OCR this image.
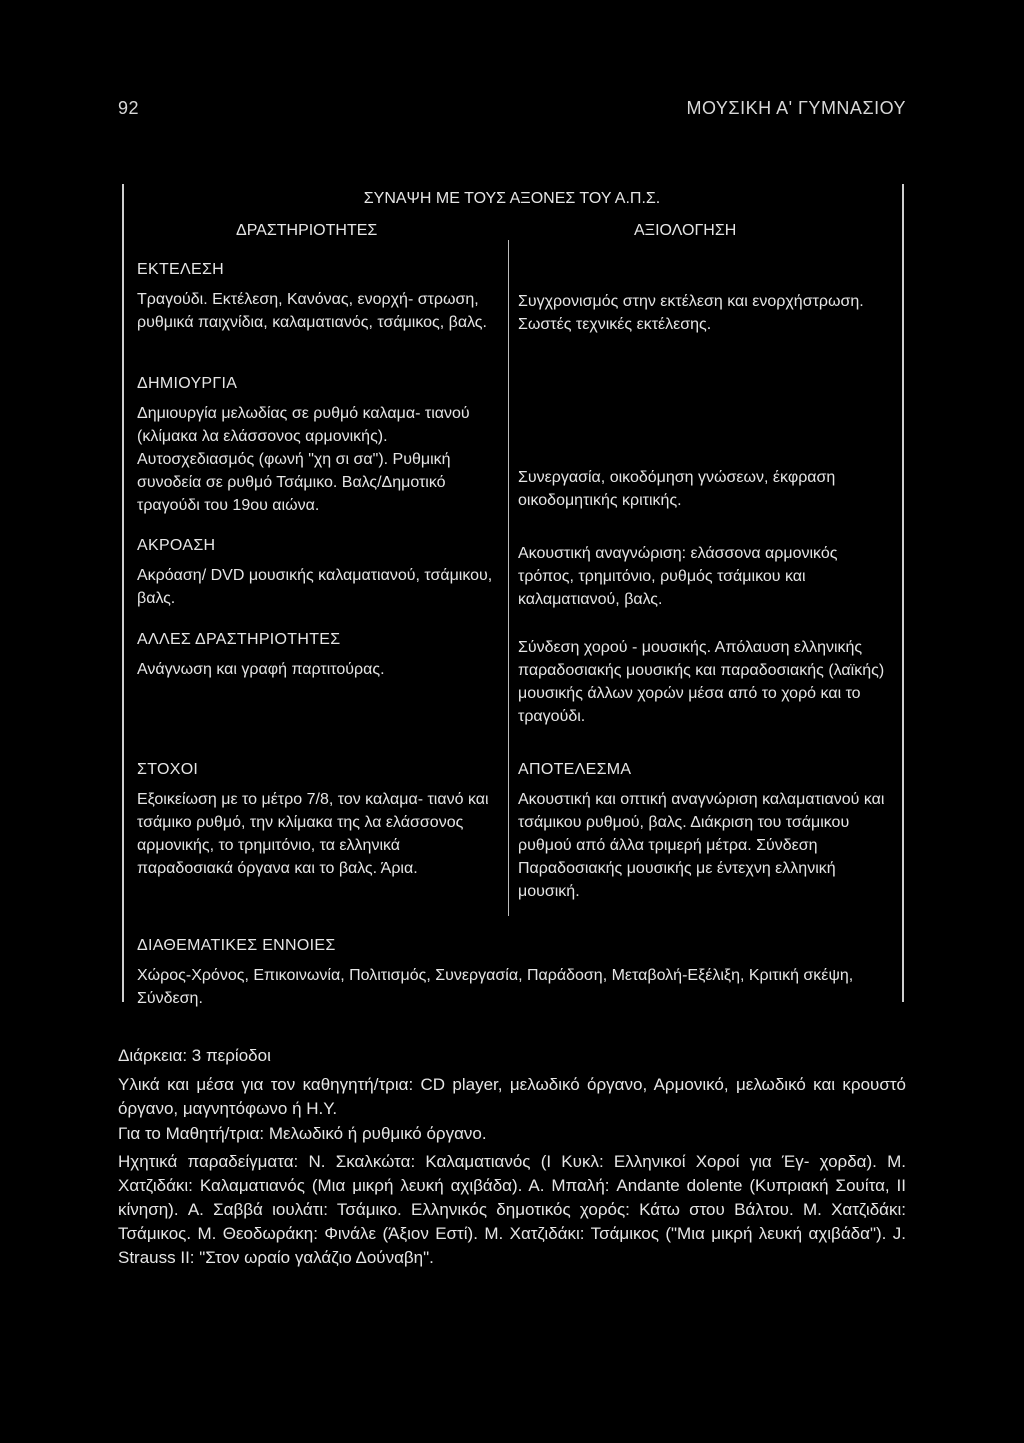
92	ΜΟΥΣΙΚΗ Α' ΓΥΜΝΑΣΙΟΥ
ΣΥΝΑΨΗ ΜΕ ΤΟΥΣ ΑΞΟΝΕΣ ΤΟΥ Α.Π.Σ.
ΔΡΑΣΤΗΡΙΟΤΗΤΕΣ	ΑΞΙΟΛΟΓΗΣΗ
ΕΚΤΕΛΕΣΗ

Τραγούδι. Εκτέλεση, Κανόνας, ενορχή- στρωση, ρυθμικά παιχνίδια, καλαματιανός, τσάμικος, βαλς.

Συγχρονισμός στην εκτέλεση και ενορχήστρωση. Σωστές τεχνικές εκτέλεσης.

ΔΗΜΙΟΥΡΓΙΑ

Δημιουργία μελωδίας σε ρυθμό καλαμα- τιανού (κλίμακα λα ελάσσονος αρμονικής). Αυτοσχεδιασμός (φωνή "χη σι σα"). Ρυθμική συνοδεία σε ρυθμό Τσάμικο. Βαλς/Δημοτικό τραγούδι του 19ου αιώνα.

Συνεργασία, οικοδόμηση γνώσεων, έκφραση οικοδομητικής κριτικής.

ΑΚΡΟΑΣΗ

Ακρόαση/ DVD μουσικής καλαματιανού, τσάμικου, βαλς.

Ακουστική αναγνώριση: ελάσσονα αρμονικός τρόπος, τρημιτόνιο, ρυθμός τσάμικου και καλαματιανού, βαλς.

ΑΛΛΕΣ ΔΡΑΣΤΗΡΙΟΤΗΤΕΣ

Ανάγνωση και γραφή παρτιτούρας.

Σύνδεση χορού - μουσικής. Απόλαυση ελληνικής παραδοσιακής μουσικής και παραδοσιακής (λαϊκής) μουσικής άλλων χορών μέσα από το χορό και το τραγούδι.

ΣΤΟΧΟΙ

Εξοικείωση με το μέτρο 7/8, τον καλαμα- τιανό και τσάμικο ρυθμό, την κλίμακα της λα ελάσσονος αρμονικής, το τρημιτόνιο, τα ελληνικά παραδοσιακά όργανα και το βαλς. Άρια.

ΑΠΟΤΕΛΕΣΜΑ

Ακουστική και οπτική αναγνώριση καλαματιανού και τσάμικου ρυθμού, βαλς. Διάκριση του τσάμικου ρυθμού από άλλα τριμερή μέτρα. Σύνδεση Παραδοσιακής μουσικής με έντεχνη ελληνική μουσική.

ΔΙΑΘΕΜΑΤΙΚΕΣ ΕΝΝΟΙΕΣ

Χώρος-Χρόνος, Επικοινωνία, Πολιτισμός, Συνεργασία, Παράδοση, Μεταβολή-Εξέλιξη, Κριτική σκέψη, Σύνδεση.

Διάρκεια: 3 περίοδοι
Υλικά και μέσα για τον καθηγητή/τρια: CD player, μελωδικό όργανο, Αρμονικό, μελωδικό και κρουστό όργανο, μαγνητόφωνο ή Η.Υ.
Για το Μαθητή/τρια: Μελωδικό ή ρυθμικό όργανο.
Ηχητικά παραδείγματα: Ν. Σκαλκώτα: Καλαματιανός (Ι Κυκλ: Ελληνικοί Χοροί για Έγ- χορδα). Μ. Χατζιδάκι: Καλαματιανός (Μια μικρή λευκή αχιβάδα). Α. Μπαλή: Andante dolente (Κυπριακή Σουίτα, ΙΙ κίνηση). Α. Σαββά ιουλάτι: Τσάμικο. Ελληνικός δημοτικός χορός: Κάτω στου Βάλτου. Μ. Χατζιδάκι: Τσάμικος. Μ. Θεοδωράκη: Φινάλε (Άξιον Εστί). Μ. Χατζιδάκι: Τσάμικος ("Μια μικρή λευκή αχιβάδα"). J. Strauss II: "Στον ωραίο γαλάζιο Δούναβη".
